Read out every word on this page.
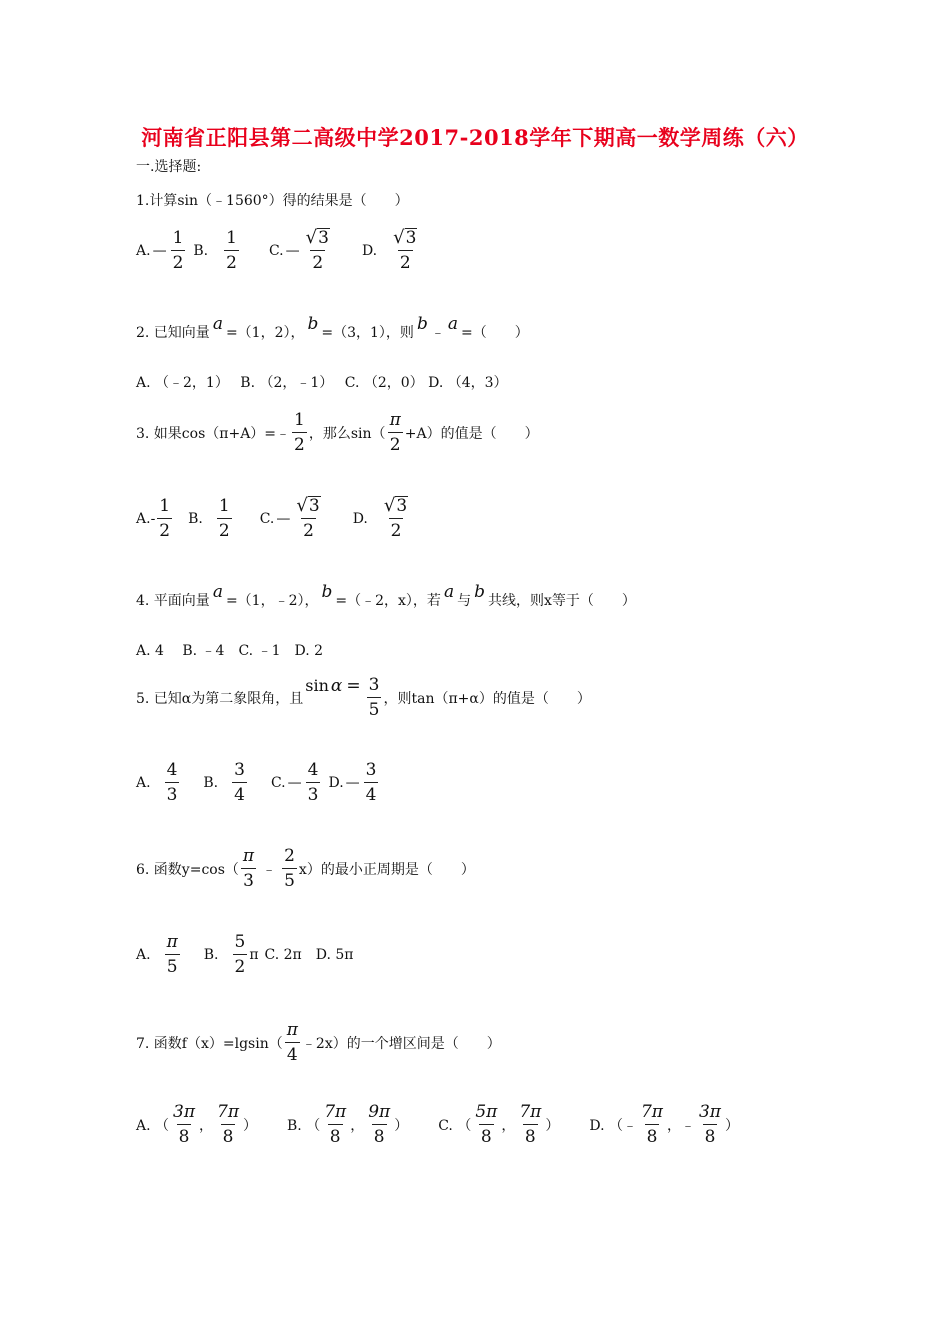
河南省正阳县第二高级中学2017-2018学年下期高一数学周练（六）
一.选择题:
1.计算sin（﹣1560°）得的结果是（　　）
A. — $\frac{1}{2} B$. $\frac{1}{2} C$. — $\frac{√ 3}{2} D$. $\frac{√ 3}{2}$
2. 已知向量 a =（1，2）， b =（3，1），则 b ﹣ a =（　　）
A. （﹣2，1）　 B. （2，﹣1）　 C. （2，0） D. （4，3）
3. 如果cos（π+A）=﹣ $\frac{1}{2}$ ，那么$\sin( \frac{\pi}{2} +A)$的值是（　　）
A. - $\frac{1}{2} B$. $\frac{1}{2} C$. — $\frac{√ 3}{2} D$. $\frac{√ 3}{2}$
4. 平面向量 a =（1，﹣2）， b =（﹣2，x），若 a 与 b 共线，则x等于（　　）
A. 4　 B. ﹣4　C. ﹣1　D. 2
5. 已知α为第二象限角，且
$\sin \alpha = \frac{3}{5}$ ，则tan（π+α）的值是（　　）
A. $\frac{4}{3} B$. $\frac{3}{4} C$. — $\frac{4}{3} D$. — $\frac{3}{4}$
6. 函数$y=\cos( \frac{\pi}{3}$ ﹣ $\frac{2}{5} x$）的最小正周期是（　　）
A. $\frac{\pi}{5} B$. $\frac{5}{2}$ π C. 2π D. 5π
7. 函数$f(x)=lgsin( \frac{\pi}{4}$ ﹣2x）的一个增区间是（　　）
A. （ $\frac{3\pi}{8}$ ， $\frac{7\pi}{8}$ ） B. （ $\frac{7\pi}{8}$ ， $\frac{9\pi}{8}$ ） C. （ $\frac{5\pi}{8}$ ， $\frac{7\pi}{8}$ ） D. （﹣ $\frac{7\pi}{8}$ ，﹣ $\frac{3\pi}{8}$ ）
